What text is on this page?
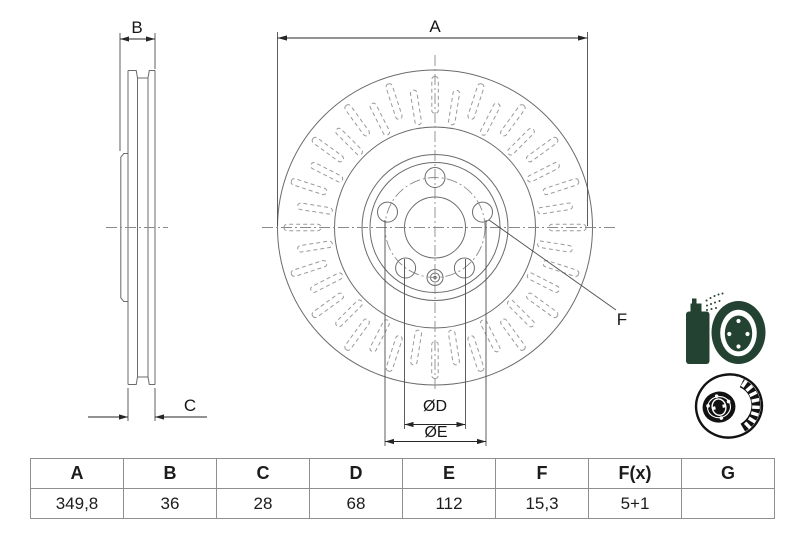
B
C
A
ØD
ØE
F
A	B	C	D	E	F	F(x)	G
349,8	36	28	68	112	15,3	5+1	
